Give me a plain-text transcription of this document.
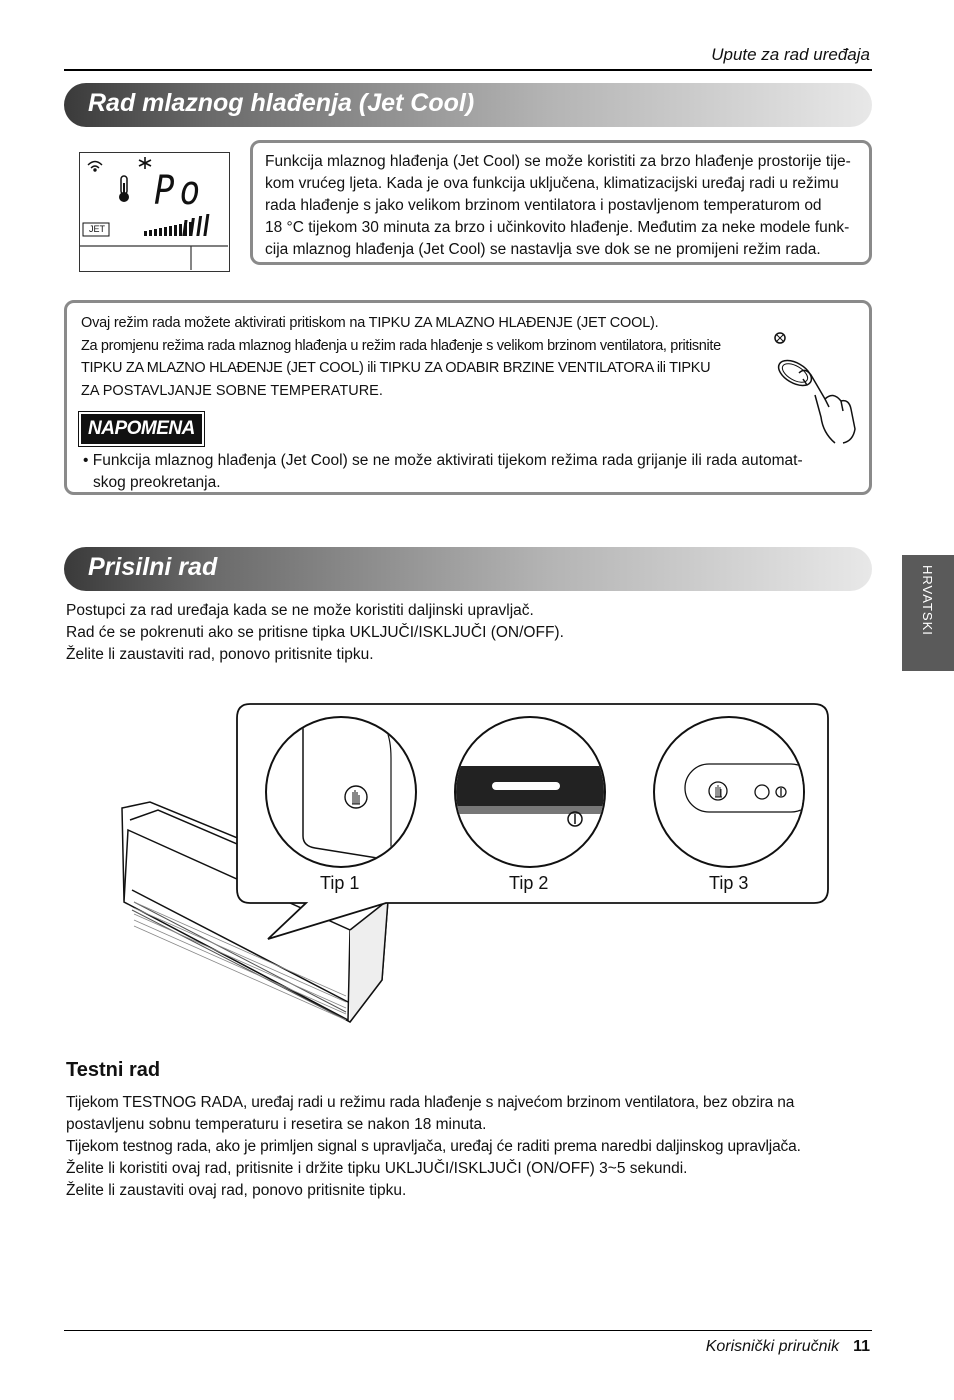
Upute za rad uređaja
Rad mlaznog hlađenja (Jet Cool)
JET
Po
Funkcija mlaznog hlađenja (Jet Cool) se može koristiti za brzo hlađenje prostorije tije-
kom vrućeg ljeta. Kada je ova funkcija uključena, klimatizacijski uređaj radi u režimu
rada hlađenje s jako velikom brzinom ventilatora i postavljenom temperaturom od
18 °C tijekom 30 minuta za brzo i učinkovito hlađenje. Međutim za neke modele funk-
cija mlaznog hlađenja (Jet Cool) se nastavlja sve dok se ne promijeni režim rada.
Ovaj režim rada možete aktivirati pritiskom na TIPKU ZA MLAZNO HLAĐENJE (JET COOL).
Za promjenu režima rada mlaznog hlađenja u režim rada hlađenje s velikom brzinom ventilatora, pritisnite
TIPKU ZA MLAZNO HLAĐENJE (JET COOL) ili TIPKU ZA ODABIR BRZINE VENTILATORA ili TIPKU
ZA POSTAVLJANJE SOBNE TEMPERATURE.
NAPOMENA
• Funkcija mlaznog hlađenja (Jet Cool) se ne može aktivirati tijekom režima rada grijanje ili rada automat-
skog preokretanja.
Prisilni rad	HRVATSKI
Postupci za rad uređaja kada se ne može koristiti daljinski upravljač.
Rad će se pokrenuti ako se pritisne tipka UKLJUČI/ISKLJUČI (ON/OFF).
Želite li zaustaviti rad, ponovo pritisnite tipku.
Tip 1	Tip 2	Tip 3
Testni rad
Tijekom TESTNOG RADA, uređaj radi u režimu rada hlađenje s najvećom brzinom ventilatora, bez obzira na
postavljenu sobnu temperaturu i resetira se nakon 18 minuta.
Tijekom testnog rada, ako je primljen signal s upravljača, uređaj će raditi prema naredbi daljinskog upravljača.
Želite li koristiti ovaj rad, pritisnite i držite tipku UKLJUČI/ISKLJUČI (ON/OFF) 3~5 sekundi.
Želite li zaustaviti ovaj rad, ponovo pritisnite tipku.
Korisnički priručnik 11
